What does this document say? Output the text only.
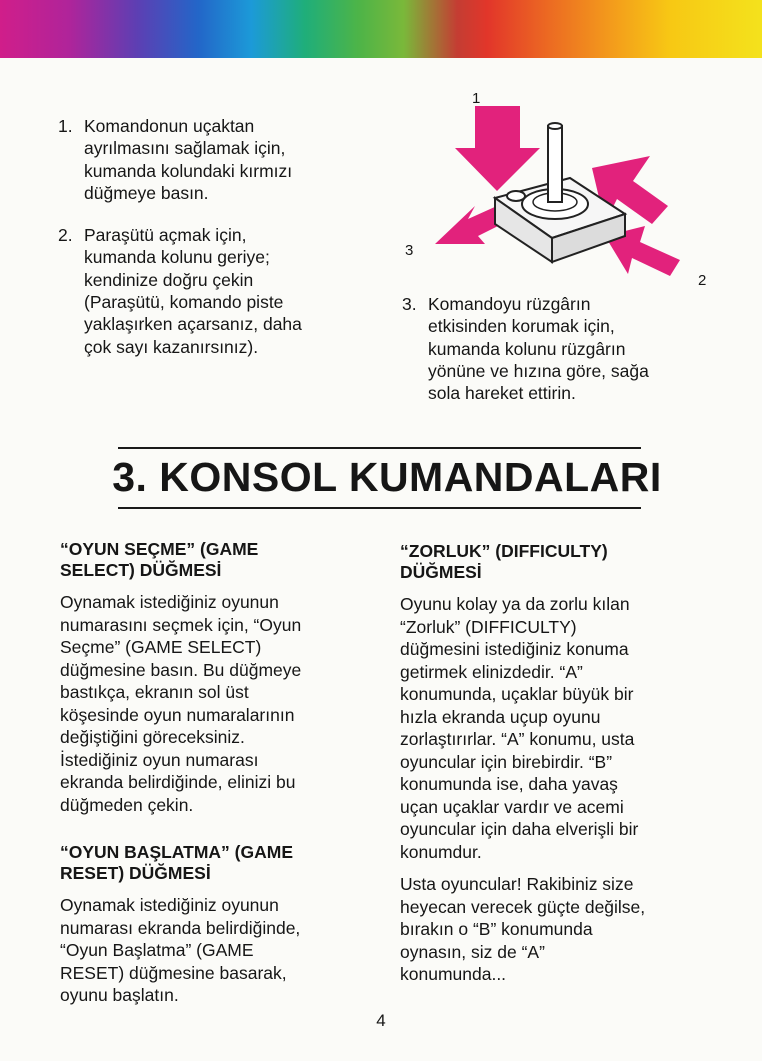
1. Komandonun uçaktan
ayrılmasını sağlamak için,
kumanda kolundaki kırmızı
düğmeye basın.
2. Paraşütü açmak için,
kumanda kolunu geriye;
kendinize doğru çekin
(Paraşütü, komando piste
yaklaşırken açarsanız, daha
çok sayı kazanırsınız).
1
2
3
3. Komandoyu rüzgârın
etkisinden korumak için,
kumanda kolunu rüzgârın
yönüne ve hızına göre, sağa
sola hareket ettirin.
3. KONSOL KUMANDALARI
“OYUN SEÇME” (GAME
SELECT) DÜĞMESİ
Oynamak istediğiniz oyunun
numarasını seçmek için, “Oyun
Seçme” (GAME SELECT)
düğmesine basın. Bu düğmeye
bastıkça, ekranın sol üst
köşesinde oyun numaralarının
değiştiğini göreceksiniz.
İstediğiniz oyun numarası
ekranda belirdiğinde, elinizi bu
düğmeden çekin.
“OYUN BAŞLATMA” (GAME
RESET) DÜĞMESİ
Oynamak istediğiniz oyunun
numarası ekranda belirdiğinde,
“Oyun Başlatma” (GAME
RESET) düğmesine basarak,
oyunu başlatın.
“ZORLUK” (DIFFICULTY)
DÜĞMESİ
Oyunu kolay ya da zorlu kılan
“Zorluk” (DIFFICULTY)
düğmesini istediğiniz konuma
getirmek elinizdedir. “A”
konumunda, uçaklar büyük bir
hızla ekranda uçup oyunu
zorlaştırırlar. “A” konumu, usta
oyuncular için birebirdir. “B”
konumunda ise, daha yavaş
uçan uçaklar vardır ve acemi
oyuncular için daha elverişli bir
konumdur.
Usta oyuncular! Rakibiniz size
heyecan verecek güçte değilse,
bırakın o “B” konumunda
oynasın, siz de “A”
konumunda...
4
